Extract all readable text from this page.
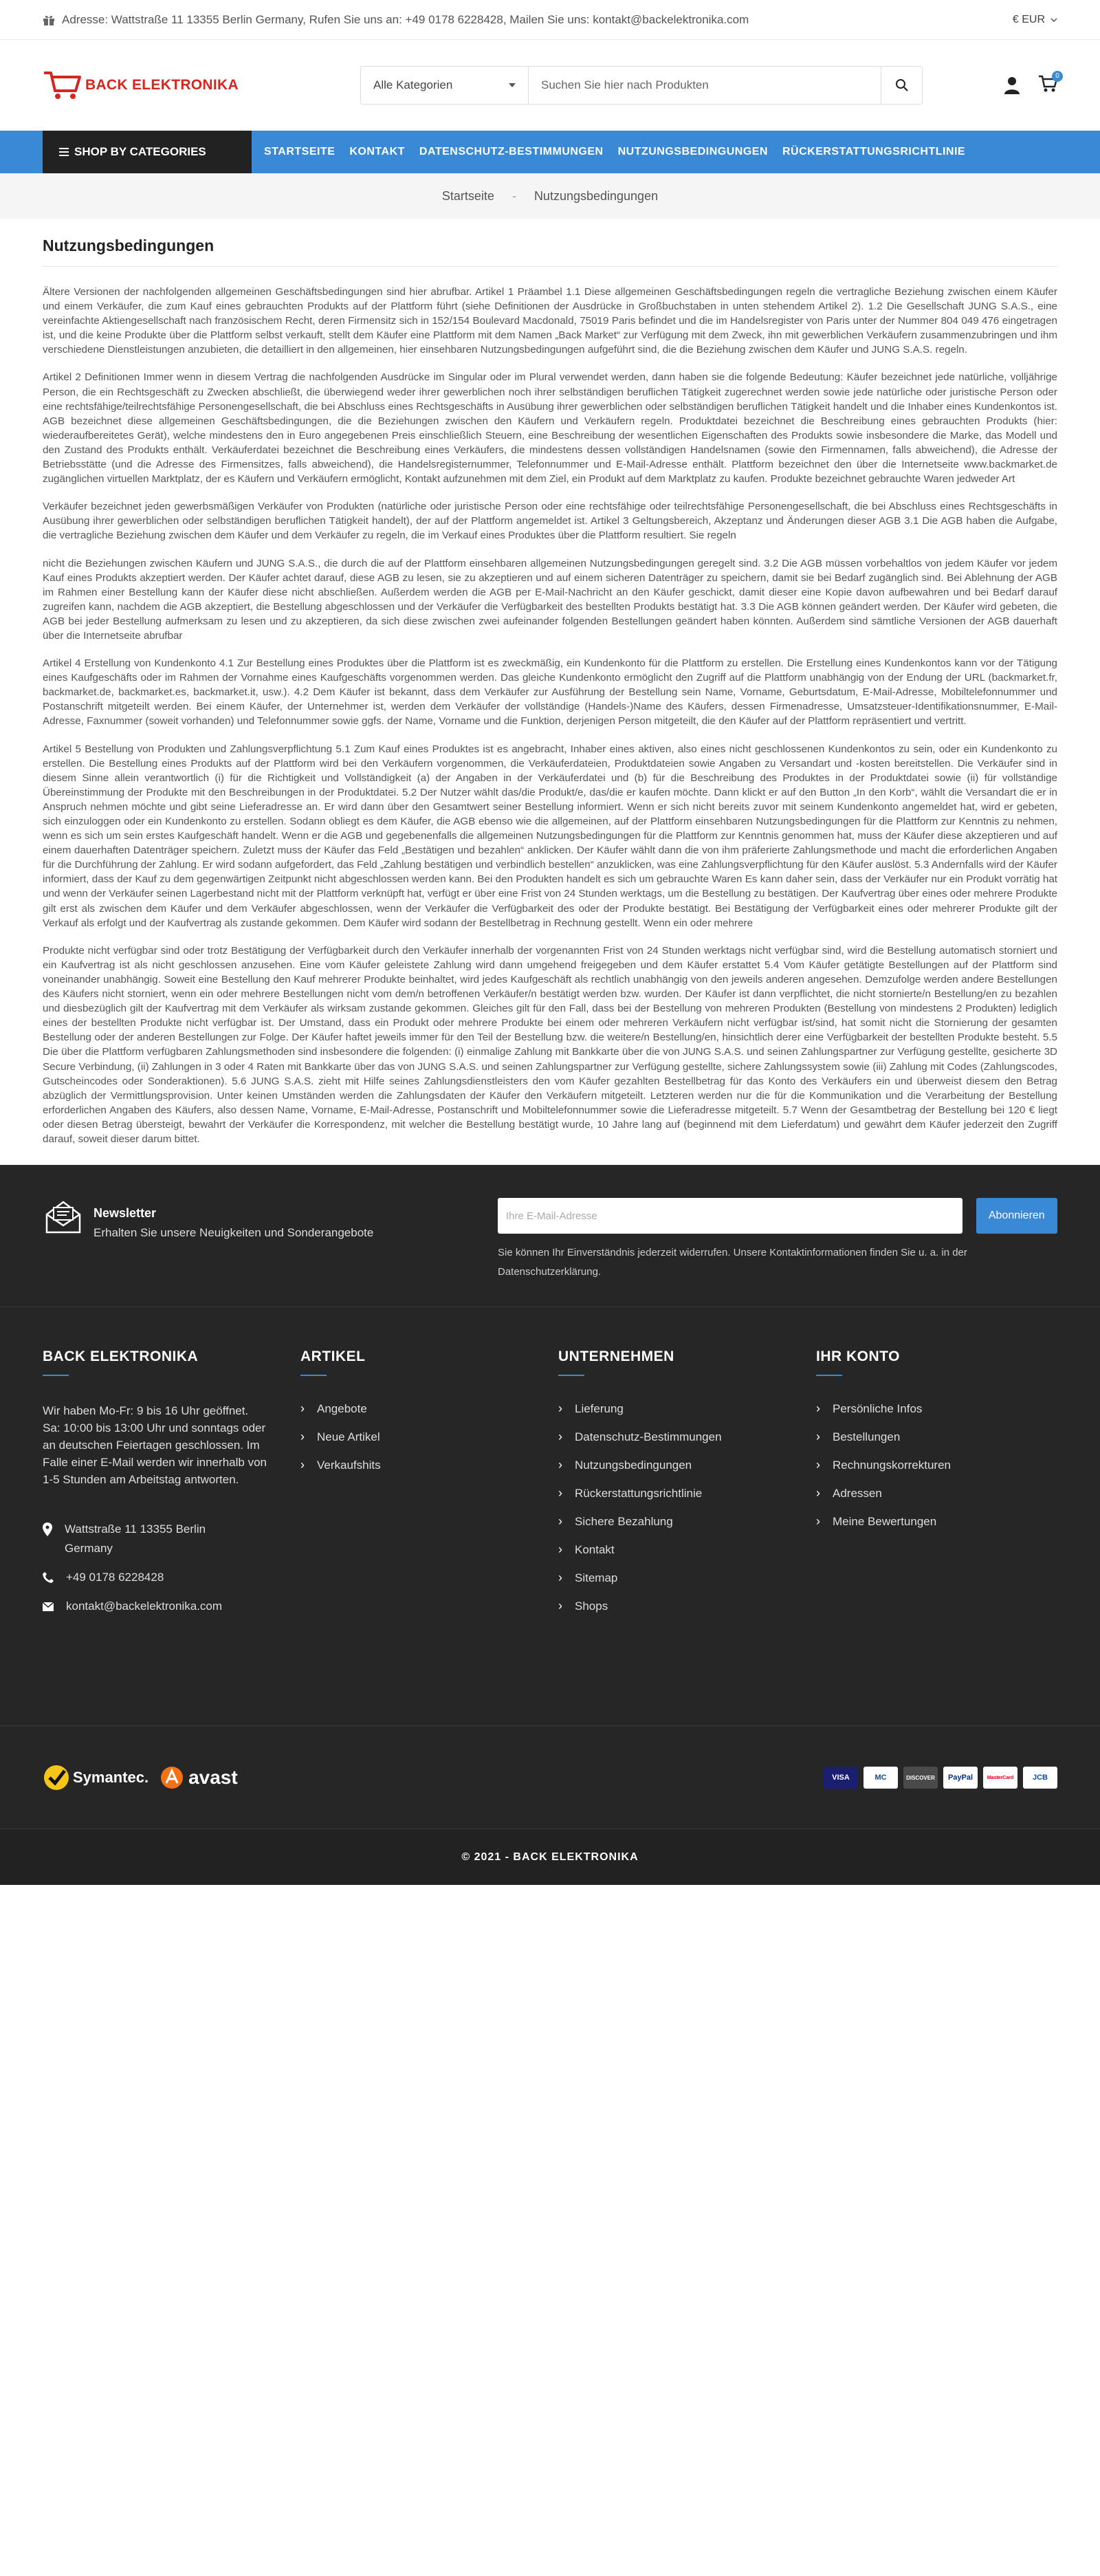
Adresse: Wattstraße 11 13355 Berlin Germany, Rufen Sie uns an: +49 0178 6228428, Mailen Sie uns: kontakt@backelektronika.com	€ EUR
BACK ELEKTRONIKA	Alle Kategorien
Suchen Sie hier nach Produkten
0
SHOP BY CATEGORIES	STARTSEITE KONTAKT DATENSCHUTZ-BESTIMMUNGEN NUTZUNGSBEDINGUNGEN RÜCKERSTATTUNGSRICHTLINIE
Startseite - Nutzungsbedingungen
Nutzungsbedingungen

Ältere Versionen der nachfolgenden allgemeinen Geschäftsbedingungen sind hier abrufbar. Artikel 1 Präambel 1.1 Diese allgemeinen Geschäftsbedingungen regeln die vertragliche Beziehung zwischen einem Käufer und einem Verkäufer, die zum Kauf eines gebrauchten Produkts auf der Plattform führt (siehe Definitionen der Ausdrücke in Großbuchstaben in unten stehendem Artikel 2). 1.2 Die Gesellschaft JUNG S.A.S., eine vereinfachte Aktiengesellschaft nach französischem Recht, deren Firmensitz sich in 152/154 Boulevard Macdonald, 75019 Paris befindet und die im Handelsregister von Paris unter der Nummer 804 049 476 eingetragen ist, und die keine Produkte über die Plattform selbst verkauft, stellt dem Käufer eine Plattform mit dem Namen „Back Market“ zur Verfügung mit dem Zweck, ihn mit gewerblichen Verkäufern zusammenzubringen und ihm verschiedene Dienstleistungen anzubieten, die detailliert in den allgemeinen, hier einsehbaren Nutzungsbedingungen aufgeführt sind, die die Beziehung zwischen dem Käufer und JUNG S.A.S. regeln.

Artikel 2 Definitionen Immer wenn in diesem Vertrag die nachfolgenden Ausdrücke im Singular oder im Plural verwendet werden, dann haben sie die folgende Bedeutung: Käufer bezeichnet jede natürliche, volljährige Person, die ein Rechtsgeschäft zu Zwecken abschließt, die überwiegend weder ihrer gewerblichen noch ihrer selbständigen beruflichen Tätigkeit zugerechnet werden sowie jede natürliche oder juristische Person oder eine rechtsfähige/teilrechtsfähige Personengesellschaft, die bei Abschluss eines Rechtsgeschäfts in Ausübung ihrer gewerblichen oder selbständigen beruflichen Tätigkeit handelt und die Inhaber eines Kundenkontos ist. AGB bezeichnet diese allgemeinen Geschäftsbedingungen, die die Beziehungen zwischen den Käufern und Verkäufern regeln. Produktdatei bezeichnet die Beschreibung eines gebrauchten Produkts (hier: wiederaufbereitetes Gerät), welche mindestens den in Euro angegebenen Preis einschließlich Steuern, eine Beschreibung der wesentlichen Eigenschaften des Produkts sowie insbesondere die Marke, das Modell und den Zustand des Produkts enthält. Verkäuferdatei bezeichnet die Beschreibung eines Verkäufers, die mindestens dessen vollständigen Handelsnamen (sowie den Firmennamen, falls abweichend), die Adresse der Betriebsstätte (und die Adresse des Firmensitzes, falls abweichend), die Handelsregisternummer, Telefonnummer und E-Mail-Adresse enthält. Plattform bezeichnet den über die Internetseite www.backmarket.de zugänglichen virtuellen Marktplatz, der es Käufern und Verkäufern ermöglicht, Kontakt aufzunehmen mit dem Ziel, ein Produkt auf dem Marktplatz zu kaufen. Produkte bezeichnet gebrauchte Waren jedweder Art

Verkäufer bezeichnet jeden gewerbsmäßigen Verkäufer von Produkten (natürliche oder juristische Person oder eine rechtsfähige oder teilrechtsfähige Personengesellschaft, die bei Abschluss eines Rechtsgeschäfts in Ausübung ihrer gewerblichen oder selbständigen beruflichen Tätigkeit handelt), der auf der Plattform angemeldet ist. Artikel 3 Geltungsbereich, Akzeptanz und Änderungen dieser AGB 3.1 Die AGB haben die Aufgabe, die vertragliche Beziehung zwischen dem Käufer und dem Verkäufer zu regeln, die im Verkauf eines Produktes über die Plattform resultiert. Sie regeln

nicht die Beziehungen zwischen Käufern und JUNG S.A.S., die durch die auf der Plattform einsehbaren allgemeinen Nutzungsbedingungen geregelt sind. 3.2 Die AGB müssen vorbehaltlos von jedem Käufer vor jedem Kauf eines Produkts akzeptiert werden. Der Käufer achtet darauf, diese AGB zu lesen, sie zu akzeptieren und auf einem sicheren Datenträger zu speichern, damit sie bei Bedarf zugänglich sind. Bei Ablehnung der AGB im Rahmen einer Bestellung kann der Käufer diese nicht abschließen. Außerdem werden die AGB per E-Mail-Nachricht an den Käufer geschickt, damit dieser eine Kopie davon aufbewahren und bei Bedarf darauf zugreifen kann, nachdem die AGB akzeptiert, die Bestellung abgeschlossen und der Verkäufer die Verfügbarkeit des bestellten Produkts bestätigt hat. 3.3 Die AGB können geändert werden. Der Käufer wird gebeten, die AGB bei jeder Bestellung aufmerksam zu lesen und zu akzeptieren, da sich diese zwischen zwei aufeinander folgenden Bestellungen geändert haben könnten. Außerdem sind sämtliche Versionen der AGB dauerhaft über die Internetseite abrufbar

Artikel 4 Erstellung von Kundenkonto 4.1 Zur Bestellung eines Produktes über die Plattform ist es zweckmäßig, ein Kundenkonto für die Plattform zu erstellen. Die Erstellung eines Kundenkontos kann vor der Tätigung eines Kaufgeschäfts oder im Rahmen der Vornahme eines Kaufgeschäfts vorgenommen werden. Das gleiche Kundenkonto ermöglicht den Zugriff auf die Plattform unabhängig von der Endung der URL (backmarket.fr, backmarket.de, backmarket.es, backmarket.it, usw.). 4.2 Dem Käufer ist bekannt, dass dem Verkäufer zur Ausführung der Bestellung sein Name, Vorname, Geburtsdatum, E-Mail-Adresse, Mobiltelefonnummer und Postanschrift mitgeteilt werden. Bei einem Käufer, der Unternehmer ist, werden dem Verkäufer der vollständige (Handels-)Name des Käufers, dessen Firmenadresse, Umsatzsteuer-Identifikationsnummer, E-Mail-Adresse, Faxnummer (soweit vorhanden) und Telefonnummer sowie ggfs. der Name, Vorname und die Funktion, derjenigen Person mitgeteilt, die den Käufer auf der Plattform repräsentiert und vertritt.

Artikel 5 Bestellung von Produkten und Zahlungsverpflichtung 5.1 Zum Kauf eines Produktes ist es angebracht, Inhaber eines aktiven, also eines nicht geschlossenen Kundenkontos zu sein, oder ein Kundenkonto zu erstellen. Die Bestellung eines Produkts auf der Plattform wird bei den Verkäufern vorgenommen, die Verkäuferdateien, Produktdateien sowie Angaben zu Versandart und -kosten bereitstellen. Die Verkäufer sind in diesem Sinne allein verantwortlich (i) für die Richtigkeit und Vollständigkeit (a) der Angaben in der Verkäuferdatei und (b) für die Beschreibung des Produktes in der Produktdatei sowie (ii) für vollständige Übereinstimmung der Produkte mit den Beschreibungen in der Produktdatei. 5.2 Der Nutzer wählt das/die Produkt/e, das/die er kaufen möchte. Dann klickt er auf den Button „In den Korb“, wählt die Versandart die er in Anspruch nehmen möchte und gibt seine Lieferadresse an. Er wird dann über den Gesamtwert seiner Bestellung informiert. Wenn er sich nicht bereits zuvor mit seinem Kundenkonto angemeldet hat, wird er gebeten, sich einzuloggen oder ein Kundenkonto zu erstellen. Sodann obliegt es dem Käufer, die AGB ebenso wie die allgemeinen, auf der Plattform einsehbaren Nutzungsbedingungen für die Plattform zur Kenntnis zu nehmen, wenn es sich um sein erstes Kaufgeschäft handelt. Wenn er die AGB und gegebenenfalls die allgemeinen Nutzungsbedingungen für die Plattform zur Kenntnis genommen hat, muss der Käufer diese akzeptieren und auf einem dauerhaften Datenträger speichern. Zuletzt muss der Käufer das Feld „Bestätigen und bezahlen“ anklicken. Der Käufer wählt dann die von ihm präferierte Zahlungsmethode und macht die erforderlichen Angaben für die Durchführung der Zahlung. Er wird sodann aufgefordert, das Feld „Zahlung bestätigen und verbindlich bestellen“ anzuklicken, was eine Zahlungsverpflichtung für den Käufer auslöst. 5.3 Andernfalls wird der Käufer informiert, dass der Kauf zu dem gegenwärtigen Zeitpunkt nicht abgeschlossen werden kann. Bei den Produkten handelt es sich um gebrauchte Waren Es kann daher sein, dass der Verkäufer nur ein Produkt vorrätig hat und wenn der Verkäufer seinen Lagerbestand nicht mit der Plattform verknüpft hat, verfügt er über eine Frist von 24 Stunden werktags, um die Bestellung zu bestätigen. Der Kaufvertrag über eines oder mehrere Produkte gilt erst als zwischen dem Käufer und dem Verkäufer abgeschlossen, wenn der Verkäufer die Verfügbarkeit des oder der Produkte bestätigt. Bei Bestätigung der Verfügbarkeit eines oder mehrerer Produkte gilt der Verkauf als erfolgt und der Kaufvertrag als zustande gekommen. Dem Käufer wird sodann der Bestellbetrag in Rechnung gestellt. Wenn ein oder mehrere

Produkte nicht verfügbar sind oder trotz Bestätigung der Verfügbarkeit durch den Verkäufer innerhalb der vorgenannten Frist von 24 Stunden werktags nicht verfügbar sind, wird die Bestellung automatisch storniert und ein Kaufvertrag ist als nicht geschlossen anzusehen. Eine vom Käufer geleistete Zahlung wird dann umgehend freigegeben und dem Käufer erstattet 5.4 Vom Käufer getätigte Bestellungen auf der Plattform sind voneinander unabhängig. Soweit eine Bestellung den Kauf mehrerer Produkte beinhaltet, wird jedes Kaufgeschäft als rechtlich unabhängig von den jeweils anderen angesehen. Demzufolge werden andere Bestellungen des Käufers nicht storniert, wenn ein oder mehrere Bestellungen nicht vom dem/n betroffenen Verkäufer/n bestätigt werden bzw. wurden. Der Käufer ist dann verpflichtet, die nicht stornierte/n Bestellung/en zu bezahlen und diesbezüglich gilt der Kaufvertrag mit dem Verkäufer als wirksam zustande gekommen. Gleiches gilt für den Fall, dass bei der Bestellung von mehreren Produkten (Bestellung von mindestens 2 Produkten) lediglich eines der bestellten Produkte nicht verfügbar ist. Der Umstand, dass ein Produkt oder mehrere Produkte bei einem oder mehreren Verkäufern nicht verfügbar ist/sind, hat somit nicht die Stornierung der gesamten Bestellung oder der anderen Bestellungen zur Folge. Der Käufer haftet jeweils immer für den Teil der Bestellung bzw. die weitere/n Bestellung/en, hinsichtlich derer eine Verfügbarkeit der bestellten Produkte besteht. 5.5 Die über die Plattform verfügbaren Zahlungsmethoden sind insbesondere die folgenden: (i) einmalige Zahlung mit Bankkarte über die von JUNG S.A.S. und seinen Zahlungspartner zur Verfügung gestellte, gesicherte 3D Secure Verbindung, (ii) Zahlungen in 3 oder 4 Raten mit Bankkarte über das von JUNG S.A.S. und seinen Zahlungspartner zur Verfügung gestellte, sichere Zahlungssystem sowie (iii) Zahlung mit Codes (Zahlungscodes, Gutscheincodes oder Sonderaktionen). 5.6 JUNG S.A.S. zieht mit Hilfe seines Zahlungsdienstleisters den vom Käufer gezahlten Bestellbetrag für das Konto des Verkäufers ein und überweist diesem den Betrag abzüglich der Vermittlungsprovision. Unter keinen Umständen werden die Zahlungsdaten der Käufer den Verkäufern mitgeteilt. Letzteren werden nur die für die Kommunikation und die Verarbeitung der Bestellung erforderlichen Angaben des Käufers, also dessen Name, Vorname, E-Mail-Adresse, Postanschrift und Mobiltelefonnummer sowie die Lieferadresse mitgeteilt. 5.7 Wenn der Gesamtbetrag der Bestellung bei 120 € liegt oder diesen Betrag übersteigt, bewahrt der Verkäufer die Korrespondenz, mit welcher die Bestellung bestätigt wurde, 10 Jahre lang auf (beginnend mit dem Lieferdatum) und gewährt dem Käufer jederzeit den Zugriff darauf, soweit dieser darum bittet.

Newsletter
Erhalten Sie unsere Neuigkeiten und Sonderangebote
Ihre E-Mail-Adresse
Abonnieren
Sie können Ihr Einverständnis jederzeit widerrufen. Unsere Kontaktinformationen finden Sie u. a. in der Datenschutzerklärung.
BACK ELEKTRONIKA
Wir haben Mo-Fr: 9 bis 16 Uhr geöffnet. Sa: 10:00 bis 13:00 Uhr und sonntags oder an deutschen Feiertagen geschlossen. Im Falle einer E-Mail werden wir innerhalb von 1-5 Stunden am Arbeitstag antworten.
Wattstraße 11 13355 Berlin Germany
+49 0178 6228428
kontakt@backelektronika.com
ARTIKEL
› Angebote
› Neue Artikel
› Verkaufshits
UNTERNEHMEN
› Lieferung
› Datenschutz-Bestimmungen
› Nutzungsbedingungen
› Rückerstattungsrichtlinie
› Sichere Bezahlung
› Kontakt
› Sitemap
› Shops
IHR KONTO
› Persönliche Infos
› Bestellungen
› Rechnungskorrekturen
› Adressen
› Meine Bewertungen
Symantec. avast	VISA	MC	DISCOVER	PayPal	MasterCard	JCB
© 2021 - BACK ELEKTRONIKA
